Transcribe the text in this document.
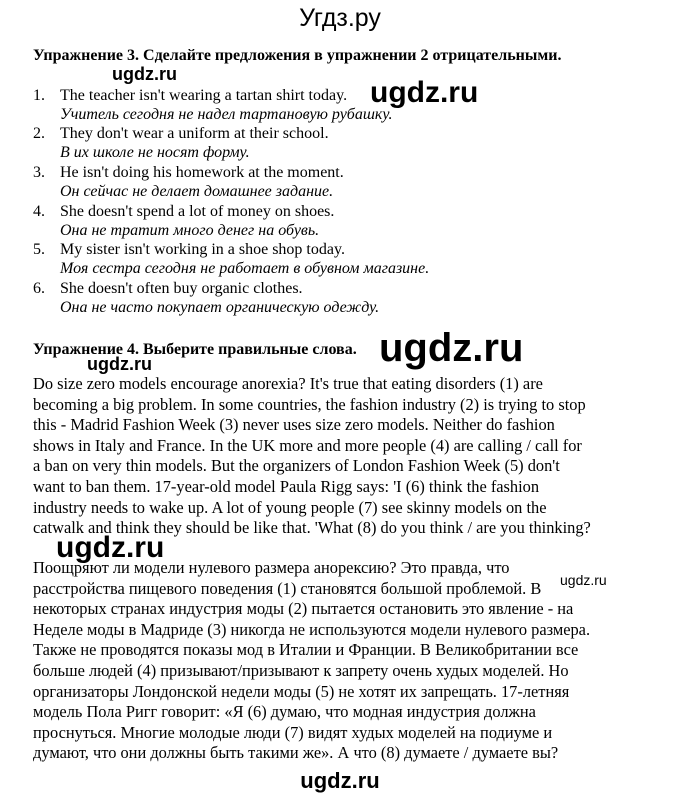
Угдз.ру
Упражнение 3. Сделайте предложения в упражнении 2 отрицательными.
ugdz.ru
1. The teacher isn't wearing a tartan shirt today.
Учитель сегодня не надел тартановую рубашку.
2. They don't wear a uniform at their school.
В их школе не носят форму.
3. He isn't doing his homework at the moment.
Он сейчас не делает домашнее задание.
4. She doesn't spend a lot of money on shoes.
Она не тратит много денег на обувь.
5. My sister isn't working in a shoe shop today.
Моя сестра сегодня не работает в обувном магазине.
6. She doesn't often buy organic clothes.
Она не часто покупает органическую одежду.
ugdz.ru
Упражнение 4. Выберите правильные слова. ugdz.ru
ugdz.ru
Do size zero models encourage anorexia? It's true that eating disorders (1) are becoming a big problem. In some countries, the fashion industry (2) is trying to stop this - Madrid Fashion Week (3) never uses size zero models. Neither do fashion shows in Italy and France. In the UK more and more people (4) are calling / call for a ban on very thin models. But the organizers of London Fashion Week (5) don't want to ban them. 17-year-old model Paula Rigg says: 'I (6) think the fashion industry needs to wake up. A lot of young people (7) see skinny models on the catwalk and think they should be like that. 'What (8) do you think / are you thinking?
Поощряют ли модели нулевого размера анорексию? Это правда, что расстройства пищевого поведения (1) становятся большой проблемой. В некоторых странах индустрия моды (2) пытается остановить это явление - на Неделе моды в Мадриде (3) никогда не используются модели нулевого размера. Также не проводятся показы мод в Италии и Франции. В Великобритании все больше людей (4) призывают/призывают к запрету очень худых моделей. Но организаторы Лондонской недели моды (5) не хотят их запрещать. 17-летняя модель Пола Ригг говорит: «Я (6) думаю, что модная индустрия должна проснуться. Многие молодые люди (7) видят худых моделей на подиуме и думают, что они должны быть такими же». А что (8) думаете / думаете вы?
ugdz.ru
ugdz.ru
ugdz.ru
